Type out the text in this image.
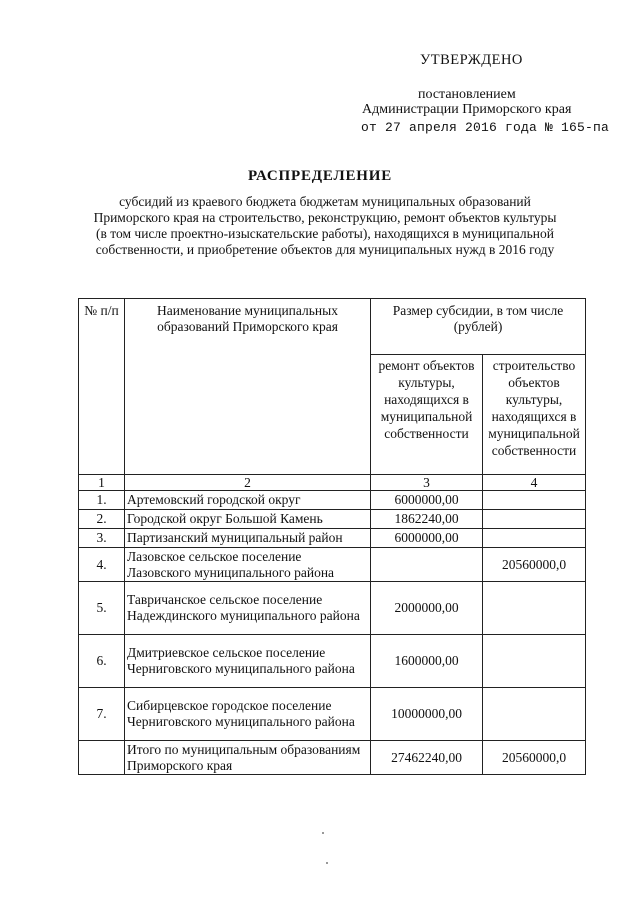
УТВЕРЖДЕНО
постановлением
Администрации Приморского края
от 27 апреля 2016 года № 165-па
РАСПРЕДЕЛЕНИЕ
субсидий из краевого бюджета бюджетам муниципальных образований Приморского края на строительство, реконструкцию, ремонт объектов культуры (в том числе проектно-изыскательские работы), находящихся в муниципальной собственности, и приобретение объектов для муниципальных нужд в 2016 году
№ п/п	Наименование муниципальных образований Приморского края	Размер субсидии, в том числе (рублей)	
		ремонт объектов культуры, находящихся в муниципальной собственности	строительство объектов культуры, находящихся в муниципальной собственности
1	2	3	4
1.	Артемовский городской округ	6000000,00	
2.	Городской округ Большой Камень	1862240,00	
3.	Партизанский муниципальный район	6000000,00	
4.	Лазовское сельское поселение Лазовского муниципального района		20560000,0
5.	Тавричанское сельское поселение Надеждинского муниципального района	2000000,00	
6.	Дмитриевское сельское поселение Черниговского муниципального района	1600000,00	
7.	Сибирцевское городское поселение Черниговского муниципального района	10000000,00	
	Итого по муниципальным образованиям Приморского края	27462240,00	20560000,0
